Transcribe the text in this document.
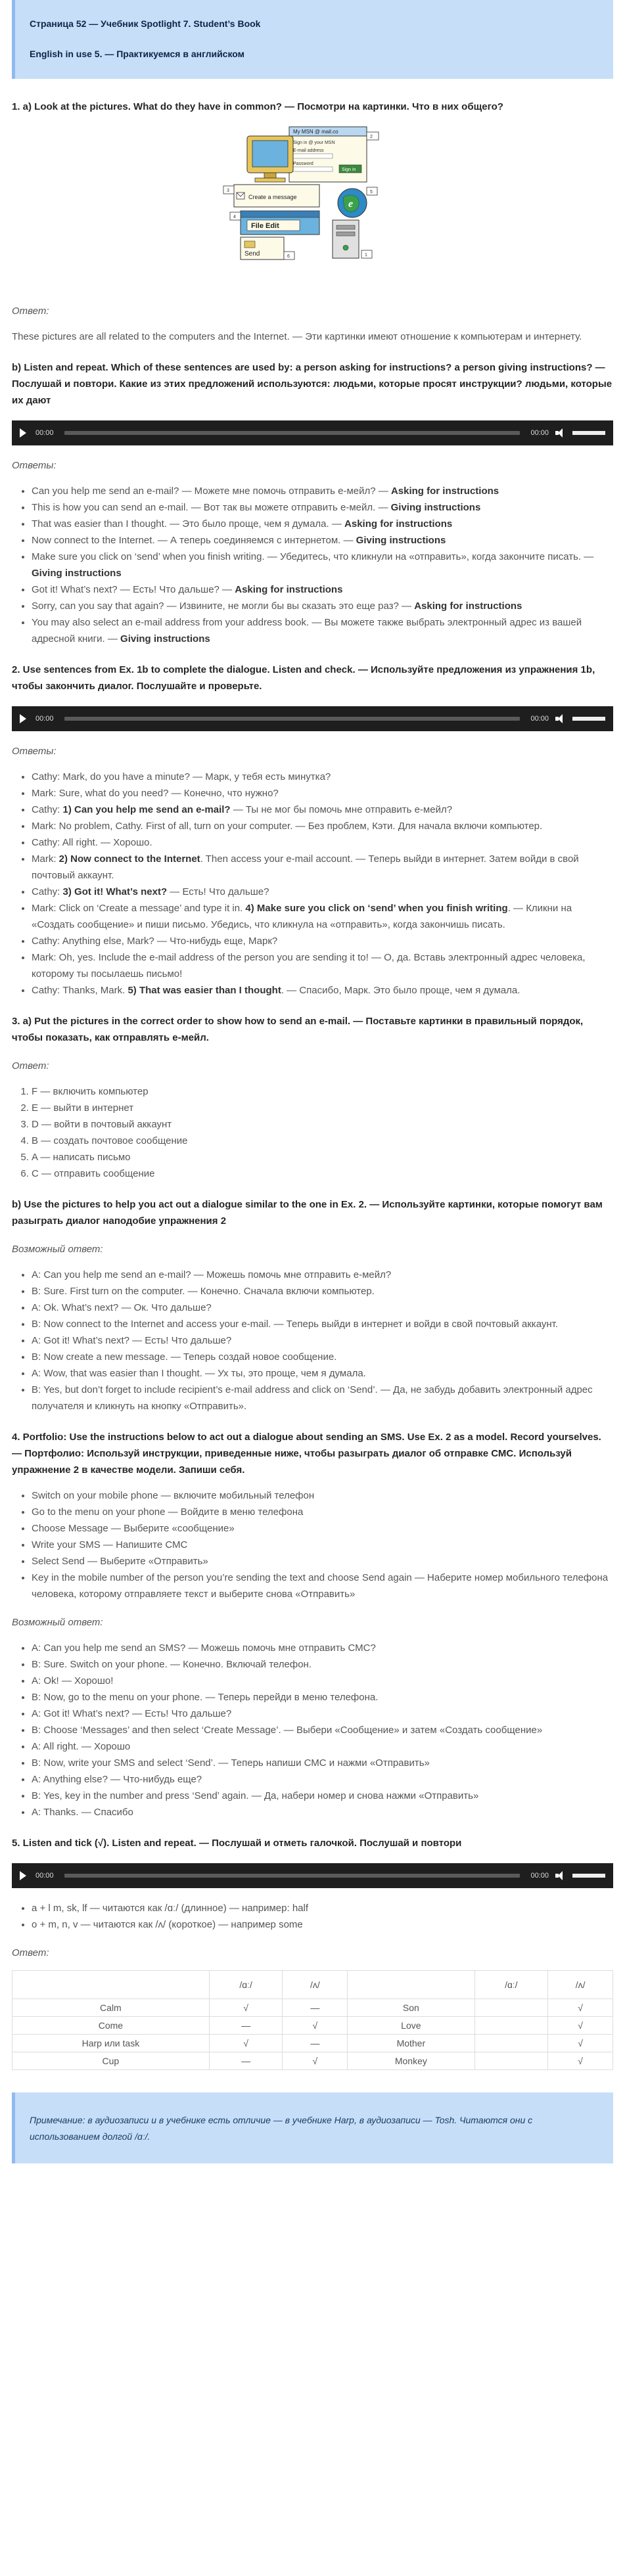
Страница 52 — Учебник Spotlight 7. Student’s Book

English in use 5. — Практикуемся в английском

1. a) Look at the pictures. What do they have in common? — Посмотри на картинки. Что в них общего?
My MSN @ mail.co
Sign in @ your MSN
E-mail address
Password
Sign in
2
3
Create a message
e
5
4
File Edit
Send	6	1

Ответ:

These pictures are all related to the computers and the Internet. — Эти картинки имеют отношение к компьютерам и интернету.

b) Listen and repeat. Which of these sentences are used by: a person asking for instructions? a person giving instructions? — Послушай и повтори. Какие из этих предложений используются: людьми, которые просят инструкции? людьми, которые их дают
00:00	00:00

Ответы:

• Can you help me send an e-mail? — Можете мне помочь отправить е-мейл? — Asking for instructions
• This is how you can send an e-mail. — Вот так вы можете отправить е-мейл. — Giving instructions
• That was easier than I thought. — Это было проще, чем я думала. — Asking for instructions
• Now connect to the Internet. — А теперь соединяемся с интернетом. — Giving instructions
• Make sure you click on ‘send’ when you finish writing. — Убедитесь, что кликнули на «отправить», когда закончите писать. — Giving instructions
• Got it! What’s next? — Есть! Что дальше? — Asking for instructions
• Sorry, can you say that again? — Извините, не могли бы вы сказать это еще раз? — Asking for instructions
• You may also select an e-mail address from your address book. — Вы можете также выбрать электронный адрес из вашей адресной книги. — Giving instructions
2. Use sentences from Ex. 1b to complete the dialogue. Listen and check. — Используйте предложения из упражнения 1b, чтобы закончить диалог. Послушайте и проверьте.
00:00	00:00

Ответы:

• Cathy: Mark, do you have a minute? — Марк, у тебя есть минутка?
• Mark: Sure, what do you need? — Конечно, что нужно?
• Cathy: 1) Can you help me send an e-mail? — Ты не мог бы помочь мне отправить е-мейл?
• Mark: No problem, Cathy. First of all, turn on your computer. — Без проблем, Кэти. Для начала включи компьютер.
• Cathy: All right. — Хорошо.
• Mark: 2) Now connect to the Internet. Then access your e-mail account. — Теперь выйди в интернет. Затем войди в свой почтовый аккаунт.
• Cathy: 3) Got it! What’s next? — Есть! Что дальше?
• Mark: Click on ‘Create a message’ and type it in. 4) Make sure you click on ‘send’ when you finish writing. — Кликни на «Создать сообщение» и пиши письмо. Убедись, что кликнула на «отправить», когда закончишь писать.
• Cathy: Anything else, Mark? — Что-нибудь еще, Марк?
• Mark: Oh, yes. Include the e-mail address of the person you are sending it to! — О, да. Вставь электронный адрес человека, которому ты посылаешь письмо!
• Cathy: Thanks, Mark. 5) That was easier than I thought. — Спасибо, Марк. Это было проще, чем я думала.
3. a) Put the pictures in the correct order to show how to send an e-mail. — Поставьте картинки в правильный порядок, чтобы показать, как отправлять е-мейл.

Ответ:

1. F — включить компьютер
2. E — выйти в интернет
3. D — войти в почтовый аккаунт
4. B — создать почтовое сообщение
5. A — написать письмо
6. C — отправить сообщение
b) Use the pictures to help you act out a dialogue similar to the one in Ex. 2. — Используйте картинки, которые помогут вам разыграть диалог наподобие упражнения 2

Возможный ответ:

• A: Can you help me send an e-mail? — Можешь помочь мне отправить е-мейл?
• B: Sure. First turn on the computer. — Конечно. Сначала включи компьютер.
• A: Ok. What’s next? — Ок. Что дальше?
• B: Now connect to the Internet and access your e-mail. — Теперь выйди в интернет и войди в свой почтовый аккаунт.
• A: Got it! What’s next? — Есть! Что дальше?
• B: Now create a new message. — Теперь создай новое сообщение.
• A: Wow, that was easier than I thought. — Ух ты, это проще, чем я думала.
• B: Yes, but don’t forget to include recipient’s e-mail address and click on ‘Send’. — Да, не забудь добавить электронный адрес получателя и кликнуть на кнопку «Отправить».
4. Portfolio: Use the instructions below to act out a dialogue about sending an SMS. Use Ex. 2 as a model. Record yourselves. — Портфолио: Используй инструкции, приведенные ниже, чтобы разыграть диалог об отправке СМС. Используй упражнение 2 в качестве модели. Запиши себя.
• Switch on your mobile phone — включите мобильный телефон
• Go to the menu on your phone — Войдите в меню телефона
• Choose Message — Выберите «сообщение»
• Write your SMS — Напишите СМС
• Select Send — Выберите «Отправить»
• Key in the mobile number of the person you’re sending the text and choose Send again — Наберите номер мобильного телефона человека, которому отправляете текст и выберите снова «Отправить»

Возможный ответ:

• A: Can you help me send an SMS? — Можешь помочь мне отправить СМС?
• B: Sure. Switch on your phone. — Конечно. Включай телефон.
• A: Ok! — Хорошо!
• B: Now, go to the menu on your phone. — Теперь перейди в меню телефона.
• A: Got it! What’s next? — Есть! Что дальше?
• B: Choose ‘Messages’ and then select ‘Create Message’. — Выбери «Сообщение» и затем «Создать сообщение»
• A: All right. — Хорошо
• B: Now, write your SMS and select ‘Send’. — Теперь напиши СМС и нажми «Отправить»
• A: Anything else? — Что-нибудь еще?
• B: Yes, key in the number and press ‘Send’ again. — Да, набери номер и снова нажми «Отправить»
• A: Thanks. — Спасибо
5. Listen and tick (√). Listen and repeat. — Послушай и отметь галочкой. Послушай и повтори
00:00	00:00
• a + l m, sk, lf — читаются как /ɑː/ (длинное) — например: half
• o + m, n, v — читаются как /ʌ/ (короткое) — например some

Ответ:

	/ɑː/	/ʌ/		/ɑː/	/ʌ/
Calm	√	—	Son		√
Come	—	√	Love		√
Harp или task	√	—	Mother		√
Cup	—	√	Monkey		√
Примечание: в аудиозаписи и в учебнике есть отличие — в учебнике Harp, в аудиозаписи — Tosh. Читаются они с использованием долгой /ɑː/.
